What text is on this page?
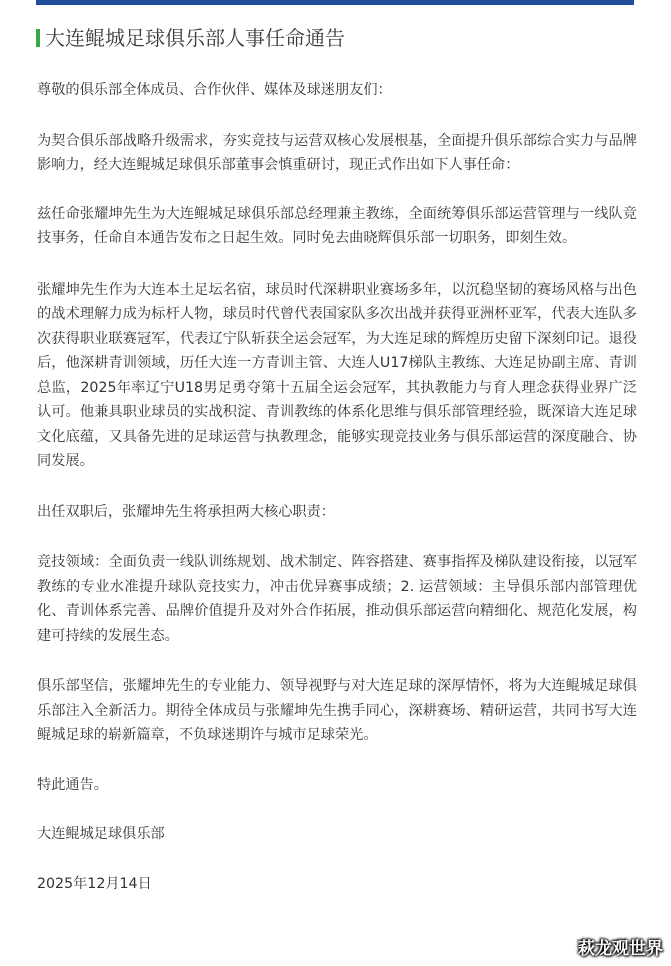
大连鲲城足球俱乐部人事任命通告

尊敬的俱乐部全体成员、合作伙伴、媒体及球迷朋友们：

为契合俱乐部战略升级需求，夯实竞技与运营双核心发展根基，全面提升俱乐部综合实力与品牌影响力，经大连鲲城足球俱乐部董事会慎重研讨，现正式作出如下人事任命：

兹任命张耀坤先生为大连鲲城足球俱乐部总经理兼主教练，全面统筹俱乐部运营管理与一线队竞技事务，任命自本通告发布之日起生效。同时免去曲晓辉俱乐部一切职务，即刻生效。

张耀坤先生作为大连本土足坛名宿，球员时代深耕职业赛场多年，以沉稳坚韧的赛场风格与出色的战术理解力成为标杆人物，球员时代曾代表国家队多次出战并获得亚洲杯亚军，代表大连队多次获得职业联赛冠军，代表辽宁队斩获全运会冠军，为大连足球的辉煌历史留下深刻印记。退役后，他深耕青训领域，历任大连一方青训主管、大连人U17梯队主教练、大连足协副主席、青训总监，2025年率辽宁U18男足勇夺第十五届全运会冠军，其执教能力与育人理念获得业界广泛认可。他兼具职业球员的实战积淀、青训教练的体系化思维与俱乐部管理经验，既深谙大连足球文化底蕴，又具备先进的足球运营与执教理念，能够实现竞技业务与俱乐部运营的深度融合、协同发展。

出任双职后，张耀坤先生将承担两大核心职责：

竞技领域：全面负责一线队训练规划、战术制定、阵容搭建、赛事指挥及梯队建设衔接，以冠军教练的专业水准提升球队竞技实力，冲击优异赛事成绩；2. 运营领域：主导俱乐部内部管理优化、青训体系完善、品牌价值提升及对外合作拓展，推动俱乐部运营向精细化、规范化发展，构建可持续的发展生态。

俱乐部坚信，张耀坤先生的专业能力、领导视野与对大连足球的深厚情怀，将为大连鲲城足球俱乐部注入全新活力。期待全体成员与张耀坤先生携手同心，深耕赛场、精研运营，共同书写大连鲲城足球的崭新篇章，不负球迷期许与城市足球荣光。

特此通告。

大连鲲城足球俱乐部

2025年12月14日

萩龙观世界
